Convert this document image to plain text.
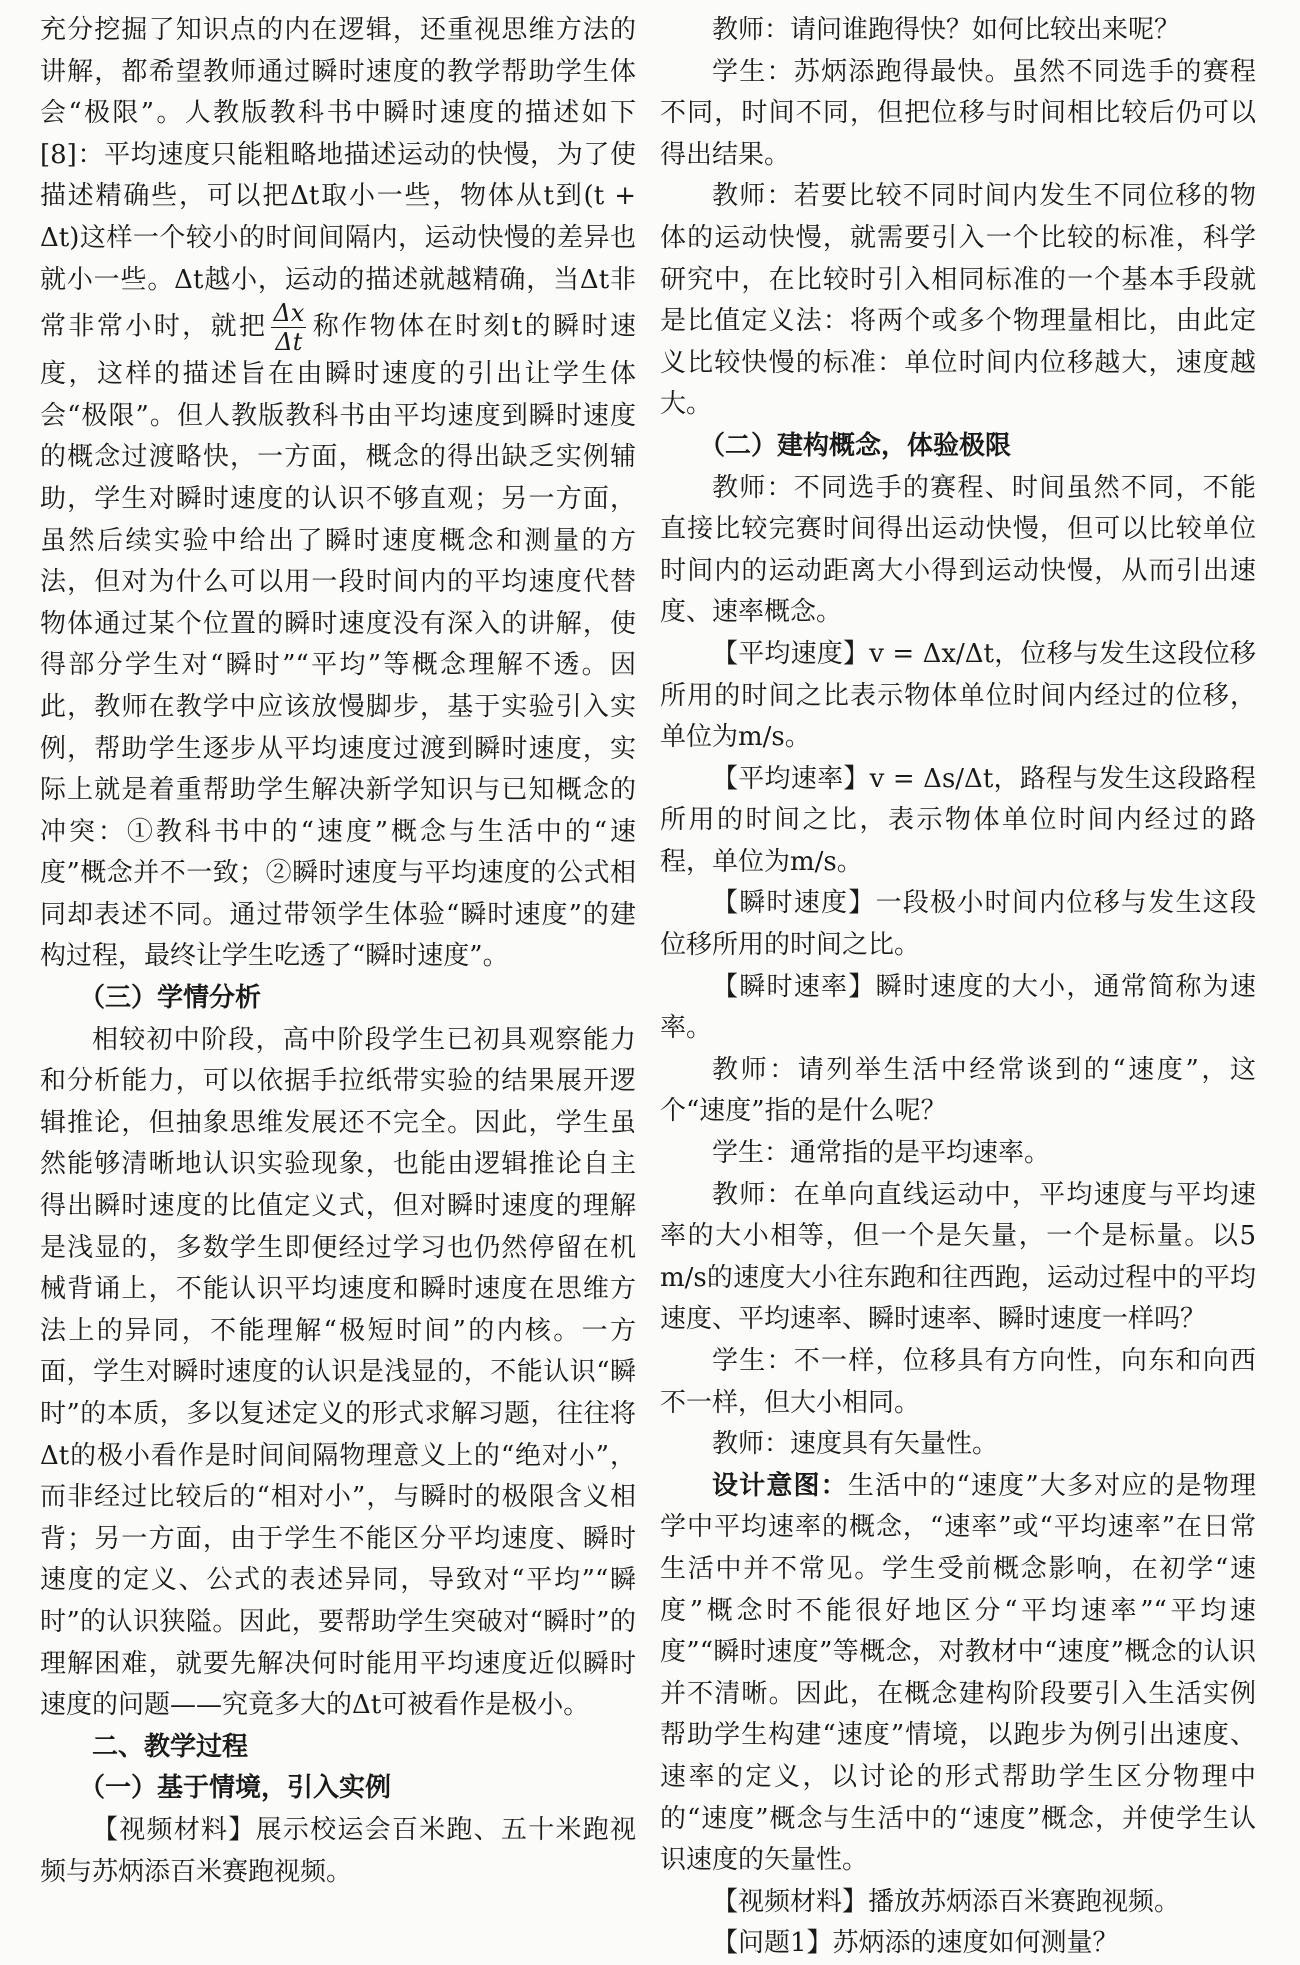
充分挖掘了知识点的内在逻辑，还重视思维方法的讲解，都希望教师通过瞬时速度的教学帮助学生体会“极限”。人教版教科书中瞬时速度的描述如下[8]：平均速度只能粗略地描述运动的快慢，为了使描述精确些，可以把Δt取小一些，物体从t到(t + Δt)这样一个较小的时间间隔内，运动快慢的差异也就小一些。Δt越小，运动的描述就越精确，当Δt非常非常小时，就把 $\frac{\Delta x}{\Delta t}$ 称作物体在时刻t的瞬时速度，这样的描述旨在由瞬时速度的引出让学生体会“极限”。但人教版教科书由平均速度到瞬时速度的概念过渡略快，一方面，概念的得出缺乏实例辅助，学生对瞬时速度的认识不够直观；另一方面，虽然后续实验中给出了瞬时速度概念和测量的方法，但对为什么可以用一段时间内的平均速度代替物体通过某个位置的瞬时速度没有深入的讲解，使得部分学生对“瞬时”“平均”等概念理解不透。因此，教师在教学中应该放慢脚步，基于实验引入实例，帮助学生逐步从平均速度过渡到瞬时速度，实际上就是着重帮助学生解决新学知识与已知概念的冲突：①教科书中的“速度”概念与生活中的“速度”概念并不一致；②瞬时速度与平均速度的公式相同却表述不同。通过带领学生体验“瞬时速度”的建构过程，最终让学生吃透了“瞬时速度”。

（三）学情分析

相较初中阶段，高中阶段学生已初具观察能力和分析能力，可以依据手拉纸带实验的结果展开逻辑推论，但抽象思维发展还不完全。因此，学生虽然能够清晰地认识实验现象，也能由逻辑推论自主得出瞬时速度的比值定义式，但对瞬时速度的理解是浅显的，多数学生即便经过学习也仍然停留在机械背诵上，不能认识平均速度和瞬时速度在思维方法上的异同，不能理解“极短时间”的内核。一方面，学生对瞬时速度的认识是浅显的，不能认识“瞬时”的本质，多以复述定义的形式求解习题，往往将Δt的极小看作是时间间隔物理意义上的“绝对小”，而非经过比较后的“相对小”，与瞬时的极限含义相背；另一方面，由于学生不能区分平均速度、瞬时速度的定义、公式的表述异同，导致对“平均”“瞬时”的认识狭隘。因此，要帮助学生突破对“瞬时”的理解困难，就要先解决何时能用平均速度近似瞬时速度的问题——究竟多大的Δt可被看作是极小。

二、教学过程
（一）基于情境，引入实例

【视频材料】展示校运会百米跑、五十米跑视频与苏炳添百米赛跑视频。

教师：请问谁跑得快？如何比较出来呢？

学生：苏炳添跑得最快。虽然不同选手的赛程不同，时间不同，但把位移与时间相比较后仍可以得出结果。

教师：若要比较不同时间内发生不同位移的物体的运动快慢，就需要引入一个比较的标准，科学研究中，在比较时引入相同标准的一个基本手段就是比值定义法：将两个或多个物理量相比，由此定义比较快慢的标准：单位时间内位移越大，速度越大。

（二）建构概念，体验极限

教师：不同选手的赛程、时间虽然不同，不能直接比较完赛时间得出运动快慢，但可以比较单位时间内的运动距离大小得到运动快慢，从而引出速度、速率概念。

【平均速度】v = Δx/Δt，位移与发生这段位移所用的时间之比表示物体单位时间内经过的位移，单位为m/s。

【平均速率】v = Δs/Δt，路程与发生这段路程所用的时间之比，表示物体单位时间内经过的路程，单位为m/s。

【瞬时速度】一段极小时间内位移与发生这段位移所用的时间之比。

【瞬时速率】瞬时速度的大小，通常简称为速率。

教师：请列举生活中经常谈到的“速度”，这个“速度”指的是什么呢？

学生：通常指的是平均速率。

教师：在单向直线运动中，平均速度与平均速率的大小相等，但一个是矢量，一个是标量。以5 m/s的速度大小往东跑和往西跑，运动过程中的平均速度、平均速率、瞬时速率、瞬时速度一样吗？

学生：不一样，位移具有方向性，向东和向西不一样，但大小相同。

教师：速度具有矢量性。

设计意图：生活中的“速度”大多对应的是物理学中平均速率的概念，“速率”或“平均速率”在日常生活中并不常见。学生受前概念影响，在初学“速度”概念时不能很好地区分“平均速率”“平均速度”“瞬时速度”等概念，对教材中“速度”概念的认识并不清晰。因此，在概念建构阶段要引入生活实例帮助学生构建“速度”情境，以跑步为例引出速度、速率的定义，以讨论的形式帮助学生区分物理中的“速度”概念与生活中的“速度”概念，并使学生认识速度的矢量性。

【视频材料】播放苏炳添百米赛跑视频。

【问题1】苏炳添的速度如何测量？
